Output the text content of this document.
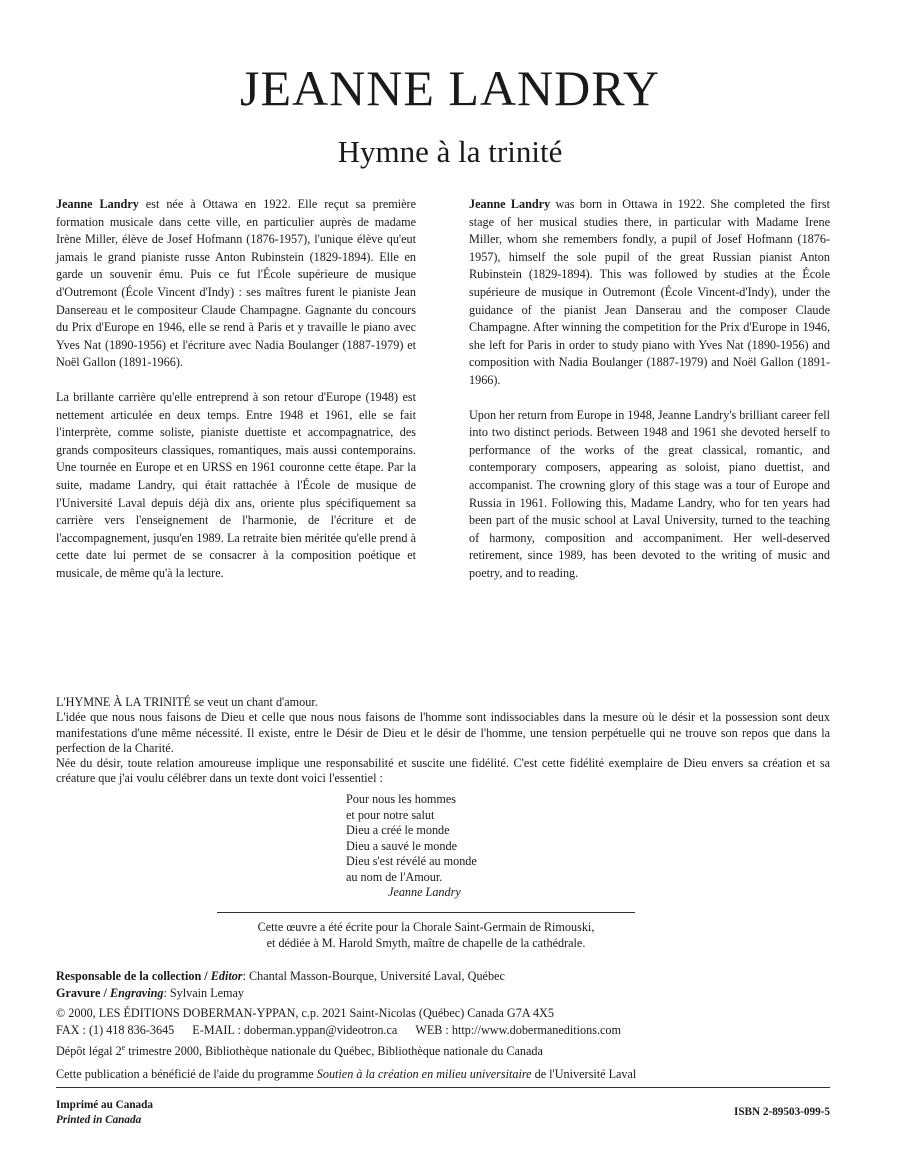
JEANNE LANDRY
Hymne à la trinité

Jeanne Landry est née à Ottawa en 1922. Elle reçut sa première formation musicale dans cette ville, en particulier auprès de madame Irène Miller, élève de Josef Hofmann (1876-1957), l'unique élève qu'eut jamais le grand pianiste russe Anton Rubinstein (1829-1894). Elle en garde un souvenir ému. Puis ce fut l'École supérieure de musique d'Outremont (École Vincent d'Indy) : ses maîtres furent le pianiste Jean Dansereau et le compositeur Claude Champagne. Gagnante du concours du Prix d'Europe en 1946, elle se rend à Paris et y travaille le piano avec Yves Nat (1890-1956) et l'écriture avec Nadia Boulanger (1887-1979) et Noël Gallon (1891-1966).

La brillante carrière qu'elle entreprend à son retour d'Europe (1948) est nettement articulée en deux temps. Entre 1948 et 1961, elle se fait l'interprète, comme soliste, pianiste duettiste et accompagnatrice, des grands compositeurs classiques, romantiques, mais aussi contemporains. Une tournée en Europe et en URSS en 1961 couronne cette étape. Par la suite, madame Landry, qui était rattachée à l'École de musique de l'Université Laval depuis déjà dix ans, oriente plus spécifiquement sa carrière vers l'enseignement de l'harmonie, de l'écriture et de l'accompagnement, jusqu'en 1989. La retraite bien méritée qu'elle prend à cette date lui permet de se consacrer à la composition poétique et musicale, de même qu'à la lecture.

Jeanne Landry was born in Ottawa in 1922. She completed the first stage of her musical studies there, in particular with Madame Irene Miller, whom she remembers fondly, a pupil of Josef Hofmann (1876-1957), himself the sole pupil of the great Russian pianist Anton Rubinstein (1829-1894). This was followed by studies at the École supérieure de musique in Outremont (École Vincent-d'Indy), under the guidance of the pianist Jean Danserau and the composer Claude Champagne. After winning the competition for the Prix d'Europe in 1946, she left for Paris in order to study piano with Yves Nat (1890-1956) and composition with Nadia Boulanger (1887-1979) and Noël Gallon (1891-1966).

Upon her return from Europe in 1948, Jeanne Landry's brilliant career fell into two distinct periods. Between 1948 and 1961 she devoted herself to performance of the works of the great classical, romantic, and contemporary composers, appearing as soloist, piano duettist, and accompanist. The crowning glory of this stage was a tour of Europe and Russia in 1961. Following this, Madame Landry, who for ten years had been part of the music school at Laval University, turned to the teaching of harmony, composition and accompaniment. Her well-deserved retirement, since 1989, has been devoted to the writing of music and poetry, and to reading.

L'HYMNE À LA TRINITÉ se veut un chant d'amour.

L'idée que nous nous faisons de Dieu et celle que nous nous faisons de l'homme sont indissociables dans la mesure où le désir et la possession sont deux manifestations d'une même nécessité. Il existe, entre le Désir de Dieu et le désir de l'homme, une tension perpétuelle qui ne trouve son repos que dans la perfection de la Charité.

Née du désir, toute relation amoureuse implique une responsabilité et suscite une fidélité. C'est cette fidélité exemplaire de Dieu envers sa création et sa créature que j'ai voulu célébrer dans un texte dont voici l'essentiel :

Pour nous les hommes
et pour notre salut
Dieu a créé le monde
Dieu a sauvé le monde
Dieu s'est révélé au monde
au nom de l'Amour.
Jeanne Landry
Cette œuvre a été écrite pour la Chorale Saint-Germain de Rimouski,
et dédiée à M. Harold Smyth, maître de chapelle de la cathédrale.
Responsable de la collection / Editor: Chantal Masson-Bourque, Université Laval, Québec
Gravure / Engraving: Sylvain Lemay
© 2000, LES ÉDITIONS DOBERMAN-YPPAN, c.p. 2021 Saint-Nicolas (Québec) Canada G7A 4X5
FAX : (1) 418 836-3645 E-MAIL : doberman.yppan@videotron.ca WEB : http://www.dobermaneditions.com
Dépôt légal 2e trimestre 2000, Bibliothèque nationale du Québec, Bibliothèque nationale du Canada
Cette publication a bénéficié de l'aide du programme Soutien à la création en milieu universitaire de l'Université Laval
Imprimé au Canada
Printed in Canada
ISBN 2-89503-099-5
